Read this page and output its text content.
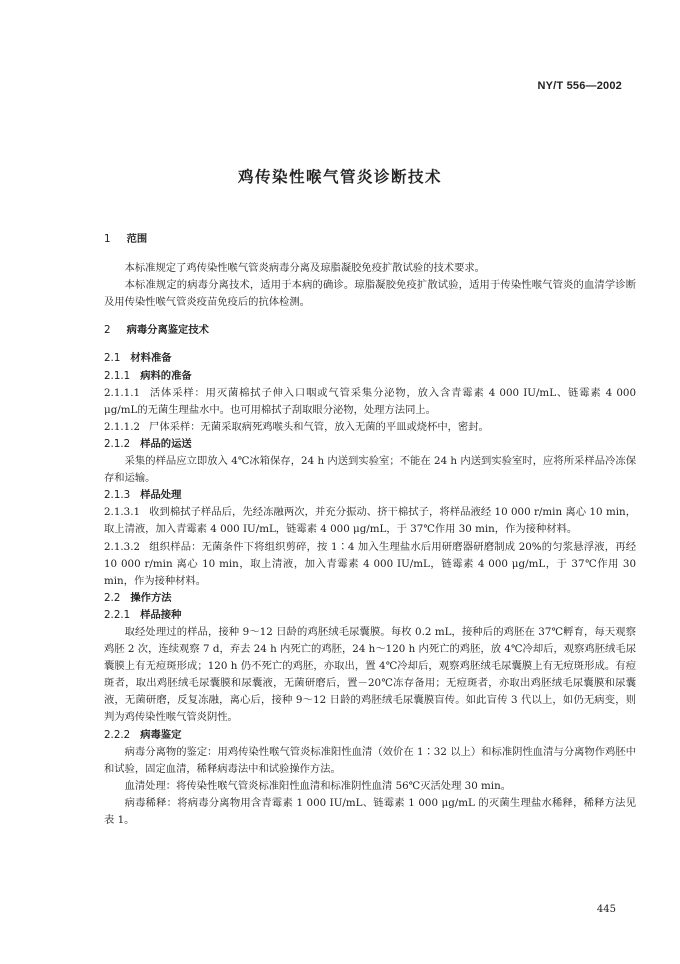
NY/T 556—2002
鸡传染性喉气管炎诊断技术

1 范围

本标准规定了鸡传染性喉气管炎病毒分离及琼脂凝胶免疫扩散试验的技术要求。

本标准规定的病毒分离技术，适用于本病的确诊。琼脂凝胶免疫扩散试验，适用于传染性喉气管炎的血清学诊断及用传染性喉气管炎疫苗免疫后的抗体检测。

2 病毒分离鉴定技术

2.1 材料准备

2.1.1 病料的准备

2.1.1.1 活体采样：用灭菌棉拭子伸入口咽或气管采集分泌物，放入含青霉素 4 000 IU/mL、链霉素 4 000 μg/mL的无菌生理盐水中。也可用棉拭子刮取眼分泌物，处理方法同上。

2.1.1.2 尸体采样：无菌采取病死鸡喉头和气管，放入无菌的平皿或烧杯中，密封。

2.1.2 样品的运送

采集的样品应立即放入 4℃冰箱保存，24 h 内送到实验室；不能在 24 h 内送到实验室时，应将所采样品冷冻保存和运输。

2.1.3 样品处理

2.1.3.1 收到棉拭子样品后，先经冻融两次，并充分振动、挤干棉拭子，将样品液经 10 000 r/min 离心 10 min，取上清液，加入青霉素 4 000 IU/mL，链霉素 4 000 μg/mL，于 37℃作用 30 min，作为接种材料。

2.1.3.2 组织样品：无菌条件下将组织剪碎，按 1∶4 加入生理盐水后用研磨器研磨制成 20%的匀浆悬浮液，再经 10 000 r/min 离心 10 min，取上清液，加入青霉素 4 000 IU/mL，链霉素 4 000 μg/mL，于 37℃作用 30 min，作为接种材料。

2.2 操作方法

2.2.1 样品接种

取经处理过的样品，接种 9～12 日龄的鸡胚绒毛尿囊膜。每枚 0.2 mL，接种后的鸡胚在 37℃孵育，每天观察鸡胚 2 次，连续观察 7 d，弃去 24 h 内死亡的鸡胚，24 h～120 h 内死亡的鸡胚，放 4℃冷却后，观察鸡胚绒毛尿囊膜上有无痘斑形成；120 h 仍不死亡的鸡胚，亦取出，置 4℃冷却后，观察鸡胚绒毛尿囊膜上有无痘斑形成。有痘斑者，取出鸡胚绒毛尿囊膜和尿囊液，无菌研磨后，置－20℃冻存备用；无痘斑者，亦取出鸡胚绒毛尿囊膜和尿囊液，无菌研磨，反复冻融，离心后，接种 9～12 日龄的鸡胚绒毛尿囊膜盲传。如此盲传 3 代以上，如仍无病变，则判为鸡传染性喉气管炎阴性。

2.2.2 病毒鉴定

病毒分离物的鉴定：用鸡传染性喉气管炎标准阳性血清（效价在 1∶32 以上）和标准阴性血清与分离物作鸡胚中和试验，固定血清，稀释病毒法中和试验操作方法。

血清处理：将传染性喉气管炎标准阳性血清和标准阴性血清 56℃灭活处理 30 min。

病毒稀释：将病毒分离物用含青霉素 1 000 IU/mL、链霉素 1 000 μg/mL 的灭菌生理盐水稀释，稀释方法见表 1。

445
